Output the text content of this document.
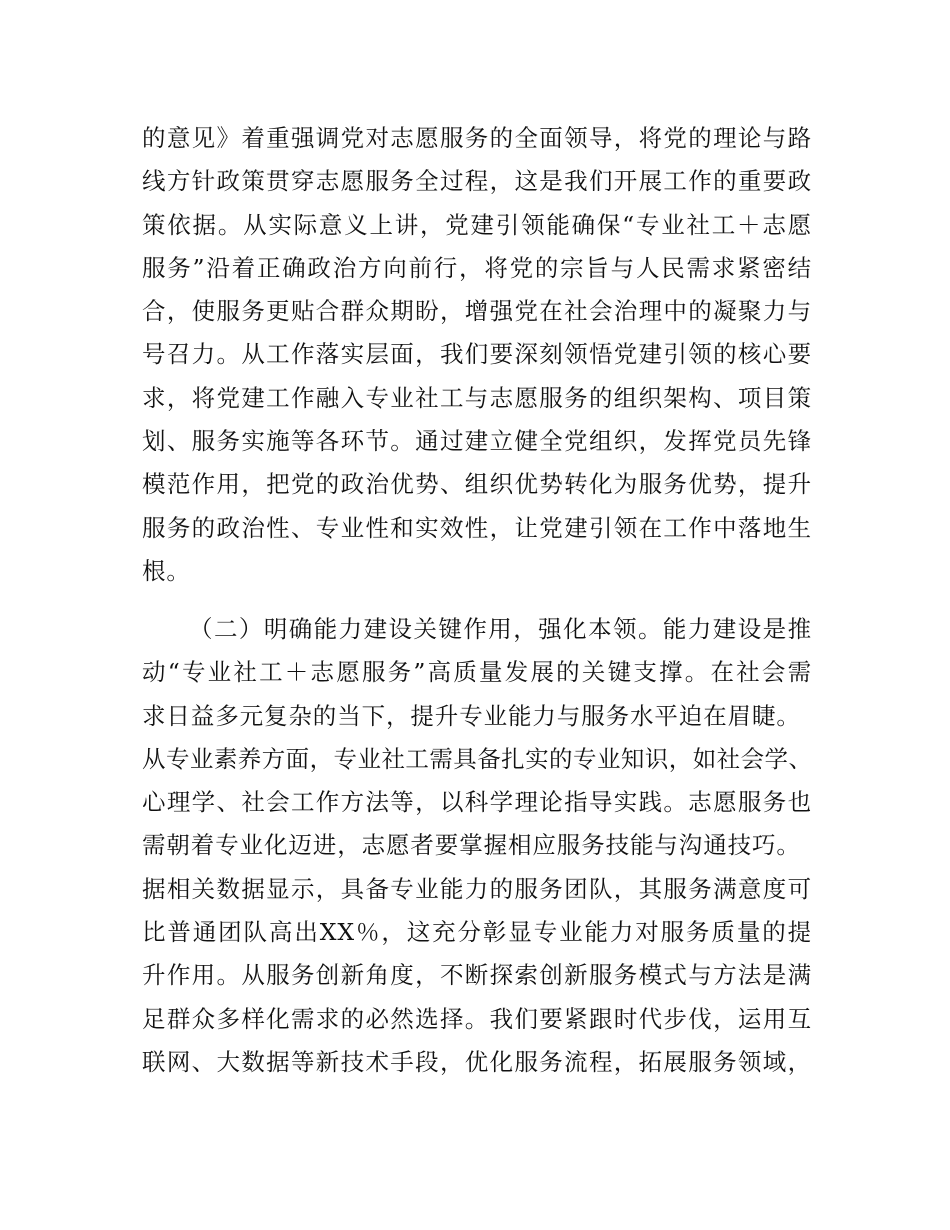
的意见》着重强调党对志愿服务的全面领导，将党的理论与路
线方针政策贯穿志愿服务全过程，这是我们开展工作的重要政
策依据。从实际意义上讲，党建引领能确保“专业社工＋志愿
服务”沿着正确政治方向前行，将党的宗旨与人民需求紧密结
合，使服务更贴合群众期盼，增强党在社会治理中的凝聚力与
号召力。从工作落实层面，我们要深刻领悟党建引领的核心要
求，将党建工作融入专业社工与志愿服务的组织架构、项目策
划、服务实施等各环节。通过建立健全党组织，发挥党员先锋
模范作用，把党的政治优势、组织优势转化为服务优势，提升
服务的政治性、专业性和实效性，让党建引领在工作中落地生
根。
（二）明确能力建设关键作用，强化本领。能力建设是推
动“专业社工＋志愿服务”高质量发展的关键支撑。在社会需
求日益多元复杂的当下，提升专业能力与服务水平迫在眉睫。
从专业素养方面，专业社工需具备扎实的专业知识，如社会学、
心理学、社会工作方法等，以科学理论指导实践。志愿服务也
需朝着专业化迈进，志愿者要掌握相应服务技能与沟通技巧。
据相关数据显示，具备专业能力的服务团队，其服务满意度可
比普通团队高出XX％，这充分彰显专业能力对服务质量的提
升作用。从服务创新角度，不断探索创新服务模式与方法是满
足群众多样化需求的必然选择。我们要紧跟时代步伐，运用互
联网、大数据等新技术手段，优化服务流程，拓展服务领域，
